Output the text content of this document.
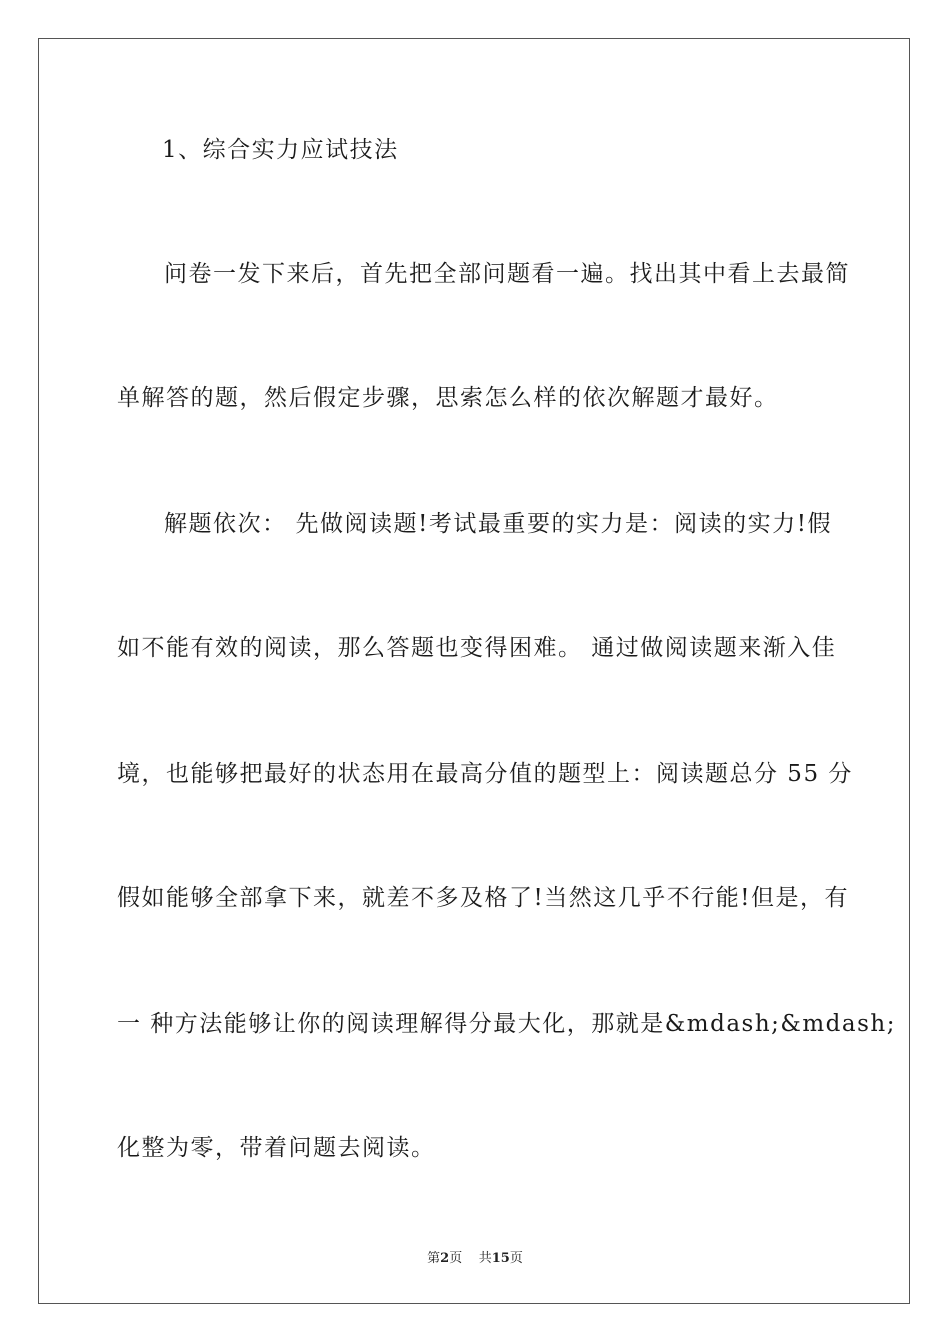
1、综合实力应试技法
问卷一发下来后，首先把全部问题看一遍。找出其中看上去最简
单解答的题，然后假定步骤，思索怎么样的依次解题才最好。
解题依次： 先做阅读题!考试最重要的实力是：阅读的实力!假
如不能有效的阅读，那么答题也变得困难。 通过做阅读题来渐入佳
境，也能够把最好的状态用在最高分值的题型上：阅读题总分 55 分
假如能够全部拿下来，就差不多及格了!当然这几乎不行能!但是，有
一 种方法能够让你的阅读理解得分最大化，那就是&mdash;&mdash;
化整为零，带着问题去阅读。
第2页 共15页
